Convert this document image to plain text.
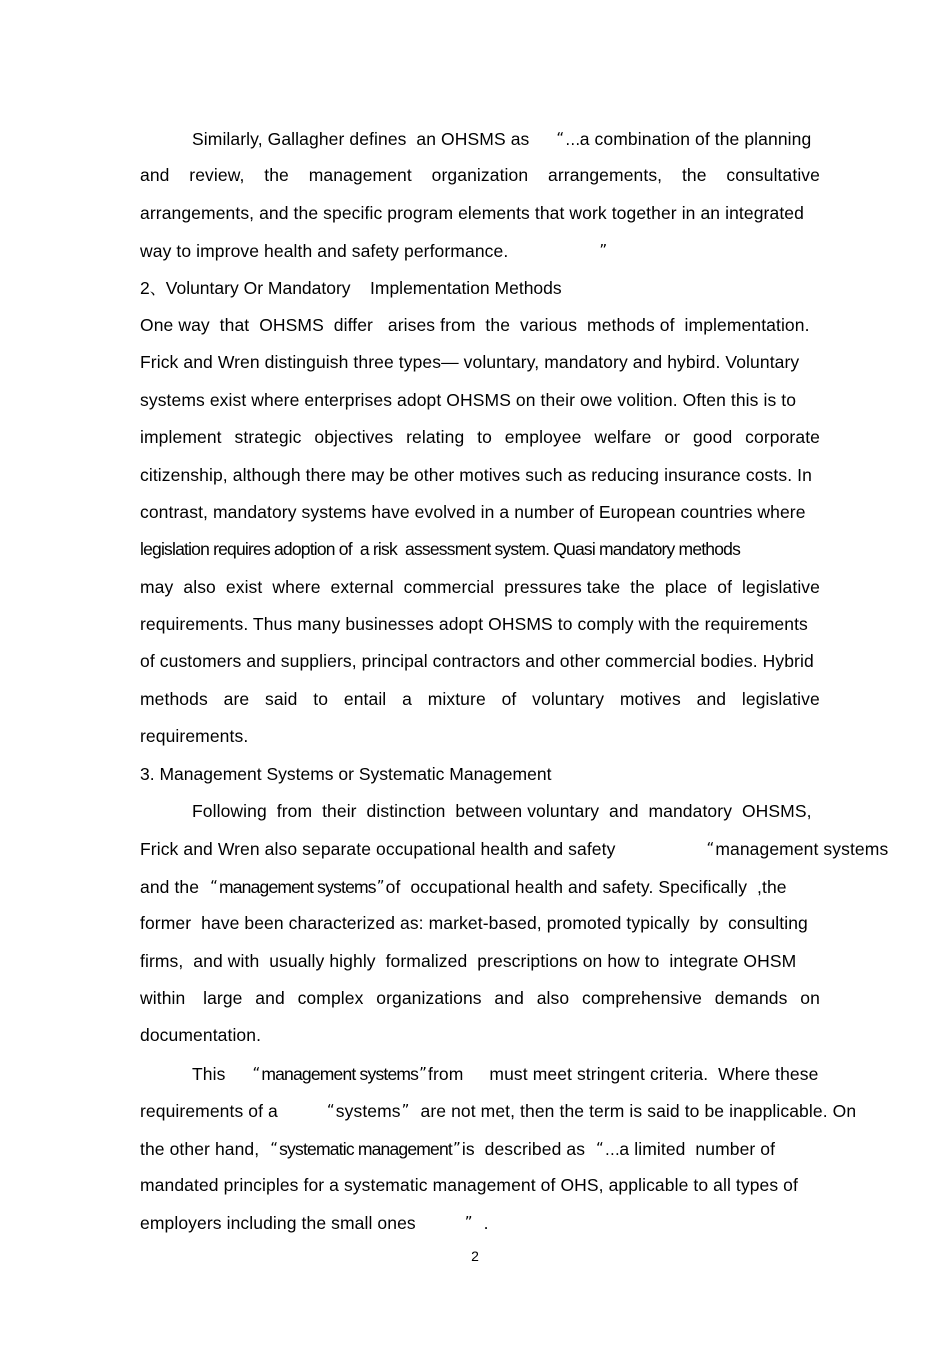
Similarly, Gallagher defines  an OHSMS as “…a combination of the planning
and review, the management organization arrangements, the consultative
arrangements, and the specific program elements that work together in an integrated
way to improve health and safety performance.	”
2、Voluntary Or Mandatory    Implementation Methods
One way  that  OHSMS  differ   arises from  the  various  methods of  implementation.
Frick and Wren distinguish three types— voluntary, mandatory and hybird. Voluntary
systems exist where enterprises adopt OHSMS on their owe volition. Often this is to
implement strategic objectives relating to employee welfare or good corporate
citizenship, although there may be other motives such as reducing insurance costs. In
contrast, mandatory systems have evolved in a number of European countries where
legislation requires adoption of  a risk  assessment system. Quasi mandatory methods
may also exist where external commercial pressures take the place of legislative
requirements. Thus many businesses adopt OHSMS to comply with the requirements
of customers and suppliers, principal contractors and other commercial bodies. Hybrid
methods are said to entail a mixture of voluntary motives and legislative
requirements.
3. Management Systems or Systematic Management
Following  from  their  distinction  between voluntary  and  mandatory  OHSMS,
Frick and Wren also separate occupational health and safety	“management systems
and the “management systems”of  occupational health and safety. Specifically  ,the
former  have been characterized as: market-based, promoted typically  by  consulting
firms,  and with  usually highly  formalized  prescriptions on how to  integrate OHSM
within large and complex organizations and also comprehensive demands on
documentation.
This “management systems”from must meet stringent criteria.  Where these
requirements of a	“systems” are not met, then the term is said to be inapplicable. On
the other hand, “systematic management”is  described as “…a limited  number of
mandated principles for a systematic management of OHS, applicable to all types of
employers including the small ones	” .
2
